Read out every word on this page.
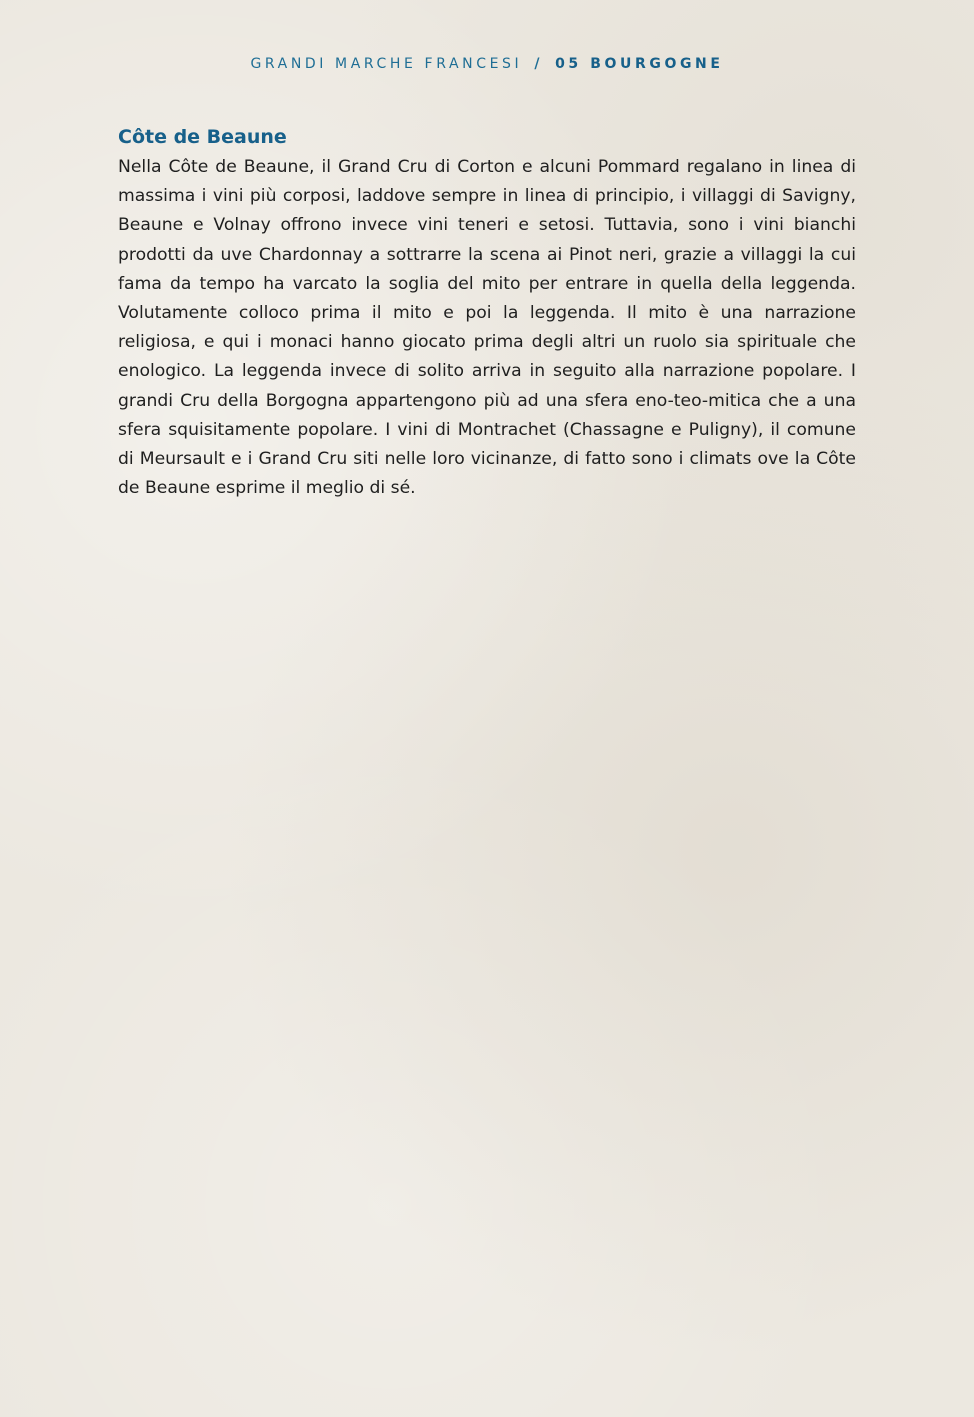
GRANDI MARCHE FRANCESI / 05 BOURGOGNE
Côte de Beaune

Nella Côte de Beaune, il Grand Cru di Corton e alcuni Pommard regalano in linea di massima i vini più corposi, laddove sempre in linea di principio, i villaggi di Savigny, Beaune e Volnay offrono invece vini teneri e setosi. Tuttavia, sono i vini bianchi prodotti da uve Chardonnay a sottrarre la scena ai Pinot neri, grazie a villaggi la cui fama da tempo ha varcato la soglia del mito per entrare in quella della leggenda. Volutamente colloco prima il mito e poi la leggenda. Il mito è una narrazione religiosa, e qui i monaci hanno giocato prima degli altri un ruolo sia spirituale che enologico. La leggenda invece di solito arriva in seguito alla narrazione popolare. I grandi Cru della Borgogna appartengono più ad una sfera eno-teo-mitica che a una sfera squisitamente popolare. I vini di Montrachet (Chassagne e Puligny), il comune di Meursault e i Grand Cru siti nelle loro vicinanze, di fatto sono i climats ove la Côte de Beaune esprime il meglio di sé.
